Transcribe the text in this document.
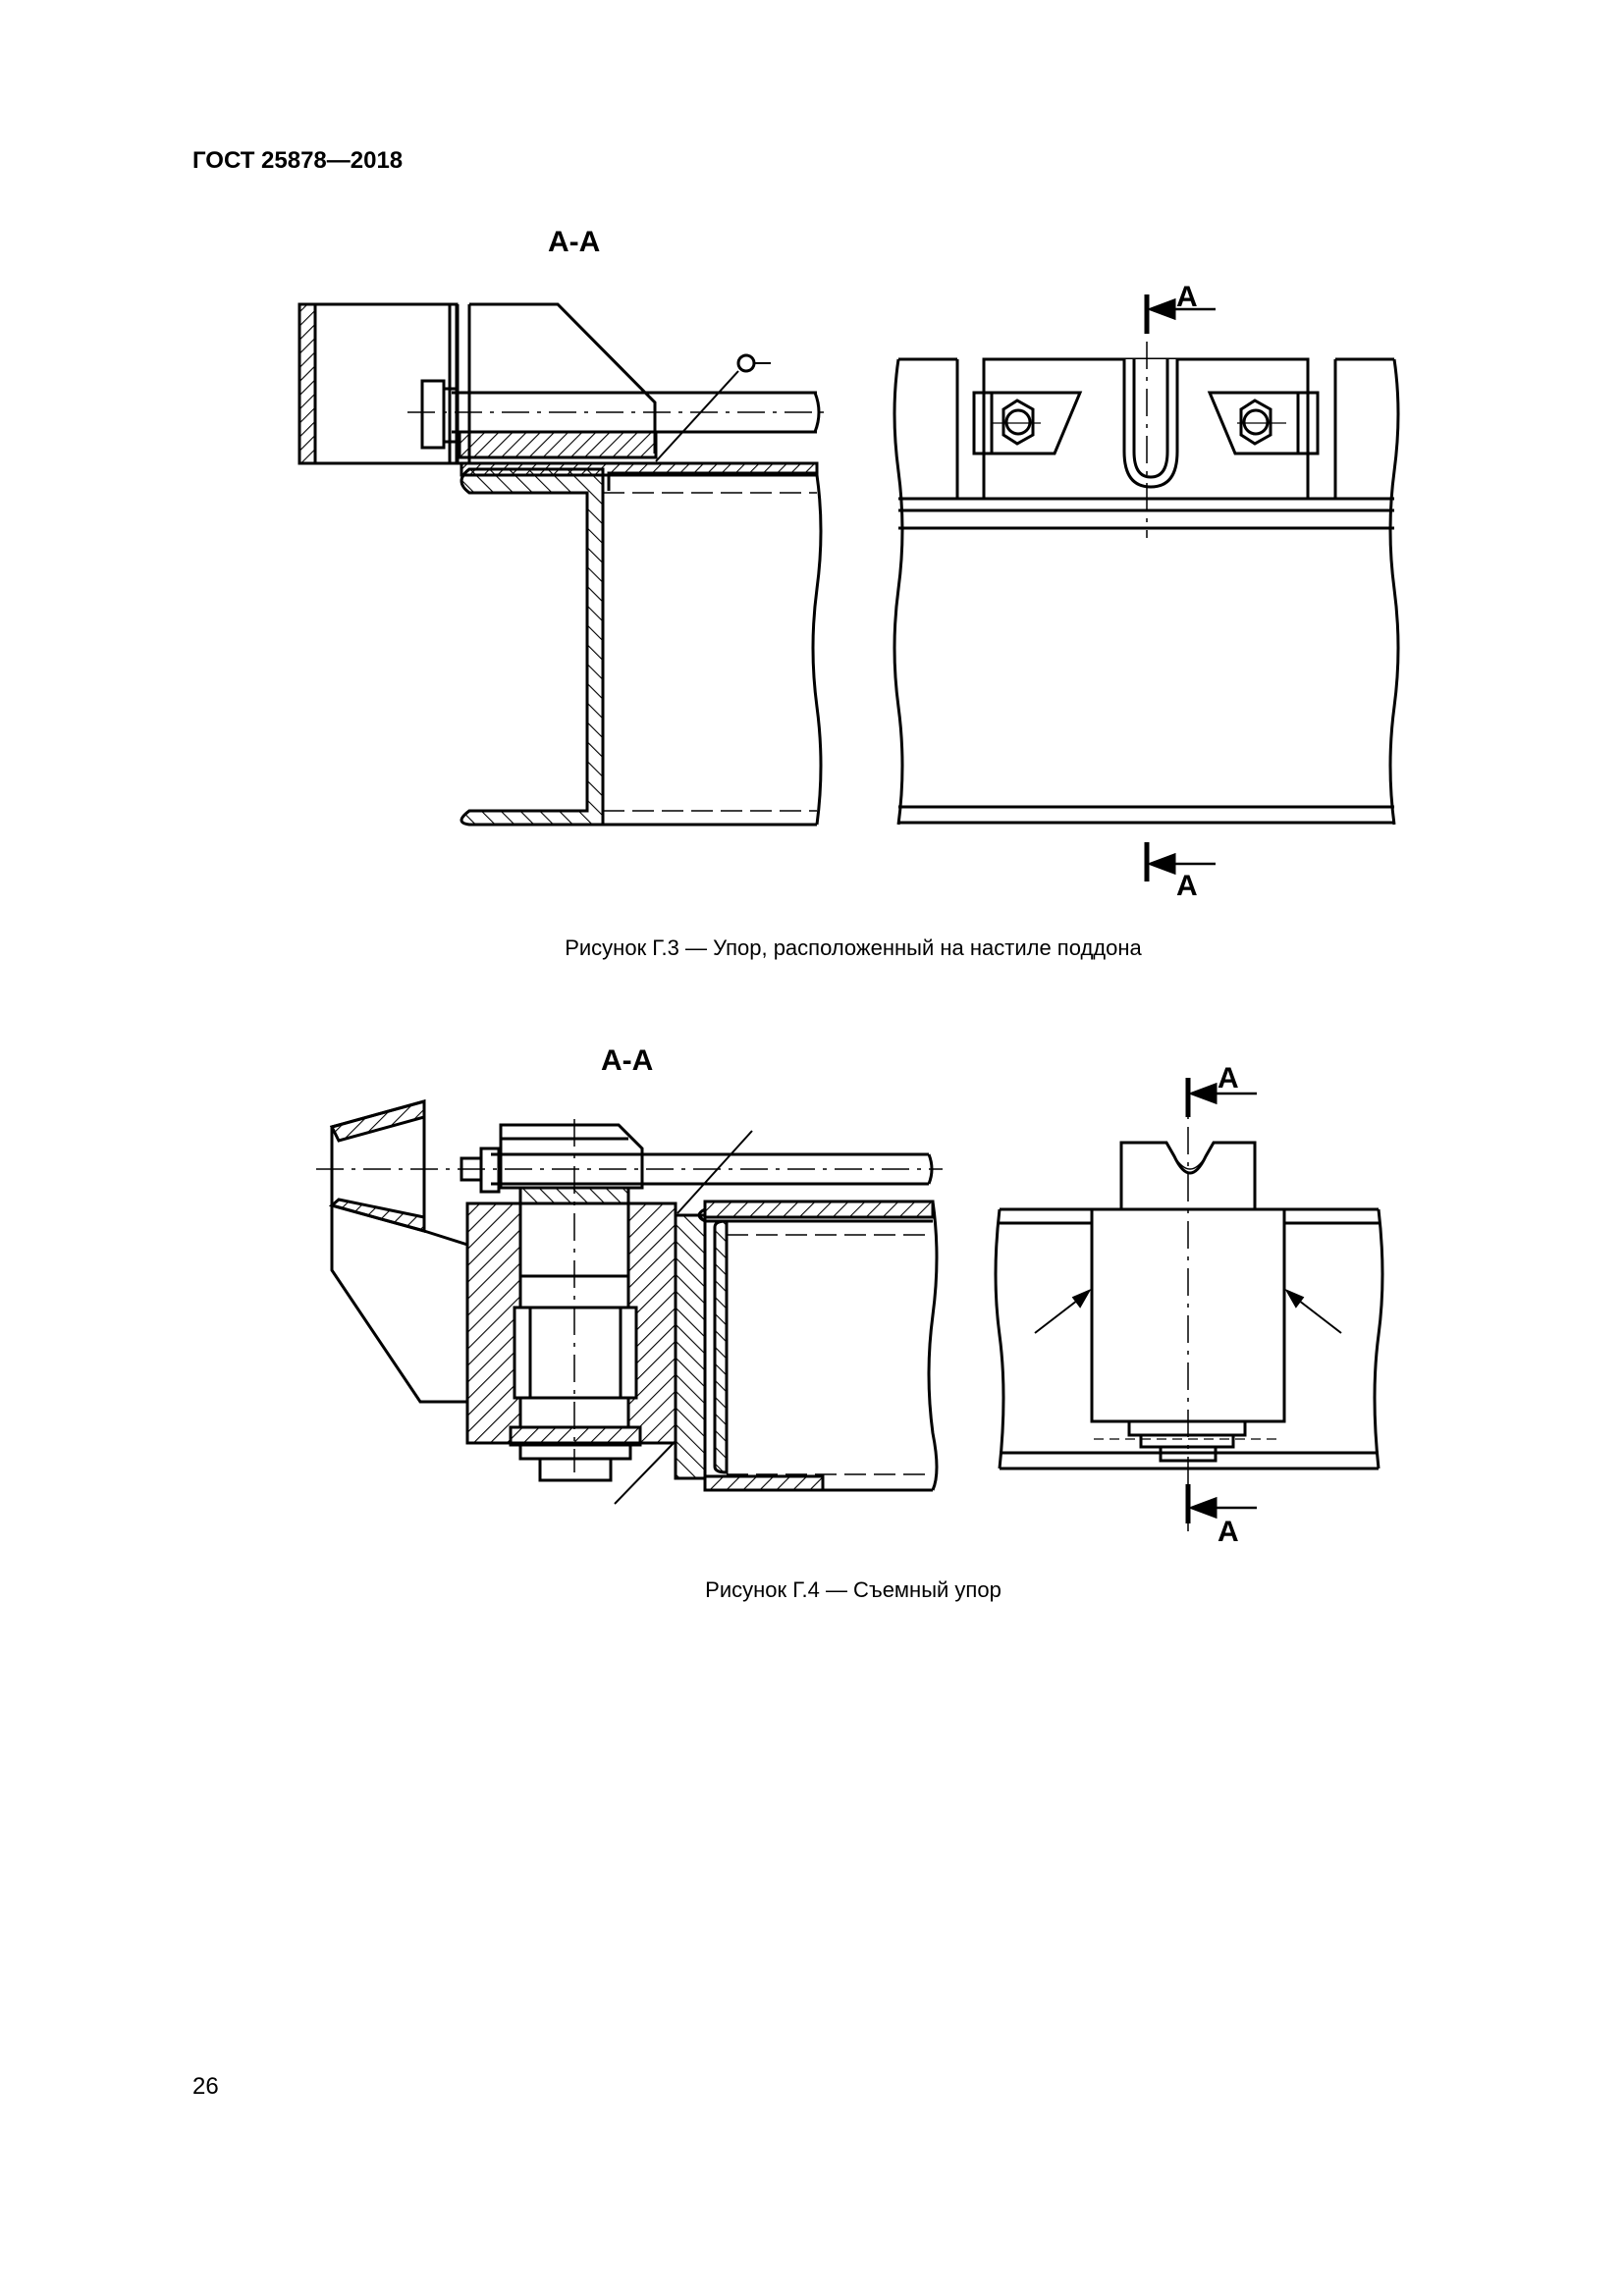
ГОСТ 25878—2018
А-А
А
А
Рисунок Г.3 — Упор, расположенный на настиле поддона
А-А
А
А
Рисунок Г.4 — Съемный упор
26
